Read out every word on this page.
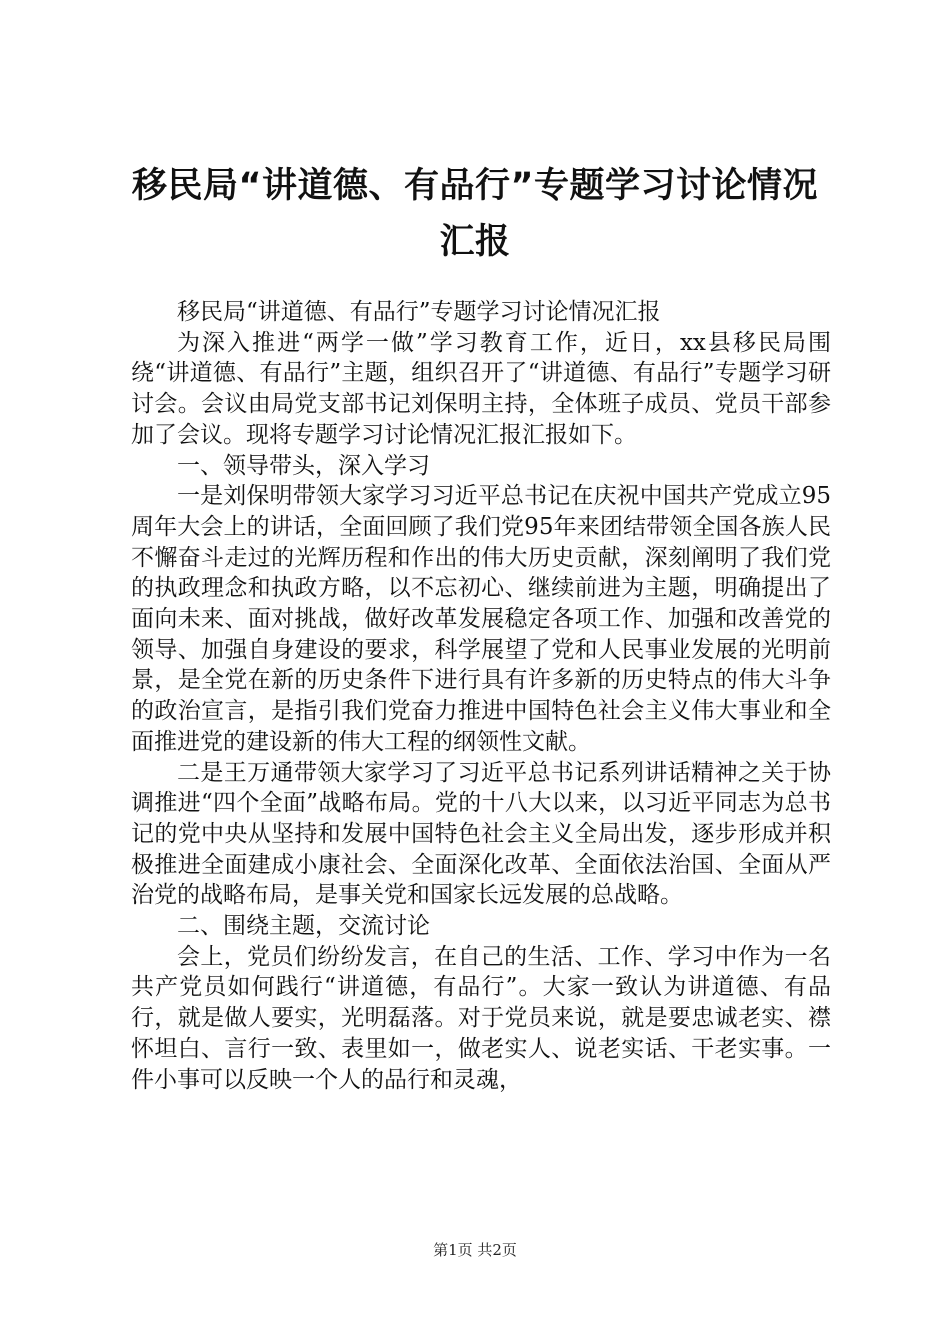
移民局“讲道德、有品行”专题学习讨论情况
汇报

移民局“讲道德、有品行”专题学习讨论情况汇报

为深入推进“两学一做”学习教育工作，近日，xx县移民局围绕“讲道德、有品行”主题，组织召开了“讲道德、有品行”专题学习研讨会。会议由局党支部书记刘保明主持，全体班子成员、党员干部参加了会议。现将专题学习讨论情况汇报汇报如下。

一、领导带头，深入学习

一是刘保明带领大家学习习近平总书记在庆祝中国共产党成立95周年大会上的讲话，全面回顾了我们党95年来团结带领全国各族人民不懈奋斗走过的光辉历程和作出的伟大历史贡献，深刻阐明了我们党的执政理念和执政方略，以不忘初心、继续前进为主题，明确提出了面向未来、面对挑战，做好改革发展稳定各项工作、加强和改善党的领导、加强自身建设的要求，科学展望了党和人民事业发展的光明前景，是全党在新的历史条件下进行具有许多新的历史特点的伟大斗争的政治宣言，是指引我们党奋力推进中国特色社会主义伟大事业和全面推进党的建设新的伟大工程的纲领性文献。

二是王万通带领大家学习了习近平总书记系列讲话精神之关于协调推进“四个全面”战略布局。党的十八大以来，以习近平同志为总书记的党中央从坚持和发展中国特色社会主义全局出发，逐步形成并积极推进全面建成小康社会、全面深化改革、全面依法治国、全面从严治党的战略布局，是事关党和国家长远发展的总战略。

二、围绕主题，交流讨论

会上，党员们纷纷发言，在自己的生活、工作、学习中作为一名共产党员如何践行“讲道德，有品行”。大家一致认为讲道德、有品行，就是做人要实，光明磊落。对于党员来说，就是要忠诚老实、襟怀坦白、言行一致、表里如一，做老实人、说老实话、干老实事。一件小事可以反映一个人的品行和灵魂，

第1页 共2页
